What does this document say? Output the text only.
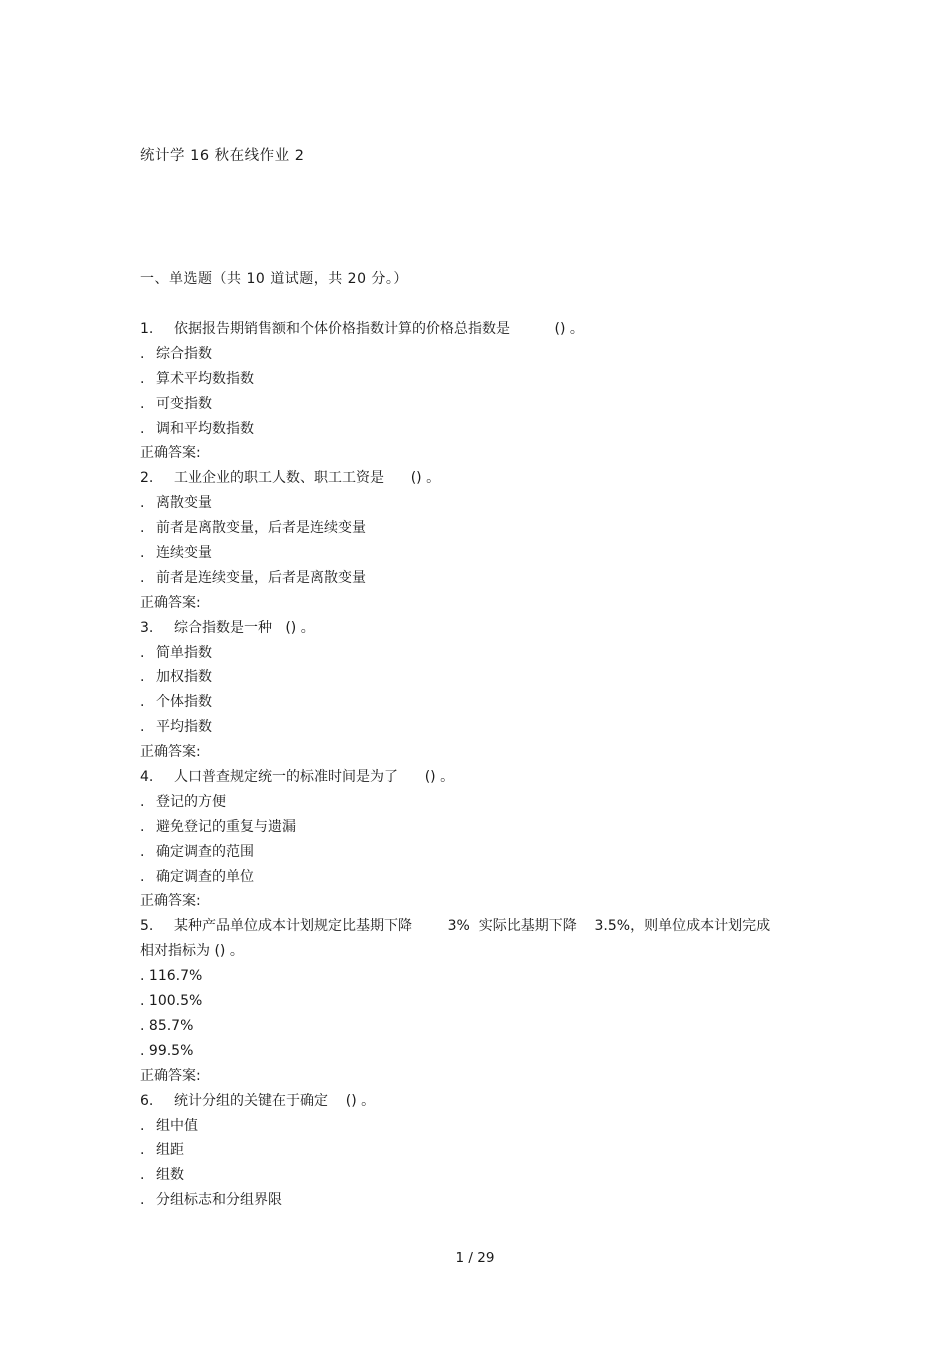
统计学 16 秋在线作业 2
一、单选题（共 10 道试题，共 20 分。）
1. 依据报告期销售额和个体价格指数计算的价格总指数是          () 。
. 综合指数
. 算术平均数指数
. 可变指数
. 调和平均数指数
正确答案:
2. 工业企业的职工人数、职工工资是      () 。
. 离散变量
. 前者是离散变量，后者是连续变量
. 连续变量
. 前者是连续变量，后者是离散变量
正确答案:
3. 综合指数是一种   () 。
. 简单指数
. 加权指数
. 个体指数
. 平均指数
正确答案:
4. 人口普查规定统一的标准时间是为了      () 。
. 登记的方便
. 避免登记的重复与遗漏
. 确定调查的范围
. 确定调查的单位
正确答案:
5. 某种产品单位成本计划规定比基期下降        3%  实际比基期下降    3.5%，则单位成本计划完成
相对指标为 () 。
. 116.7%
. 100.5%
. 85.7%
. 99.5%
正确答案:
6. 统计分组的关键在于确定    () 。
. 组中值
. 组距
. 组数
. 分组标志和分组界限
1 / 29
